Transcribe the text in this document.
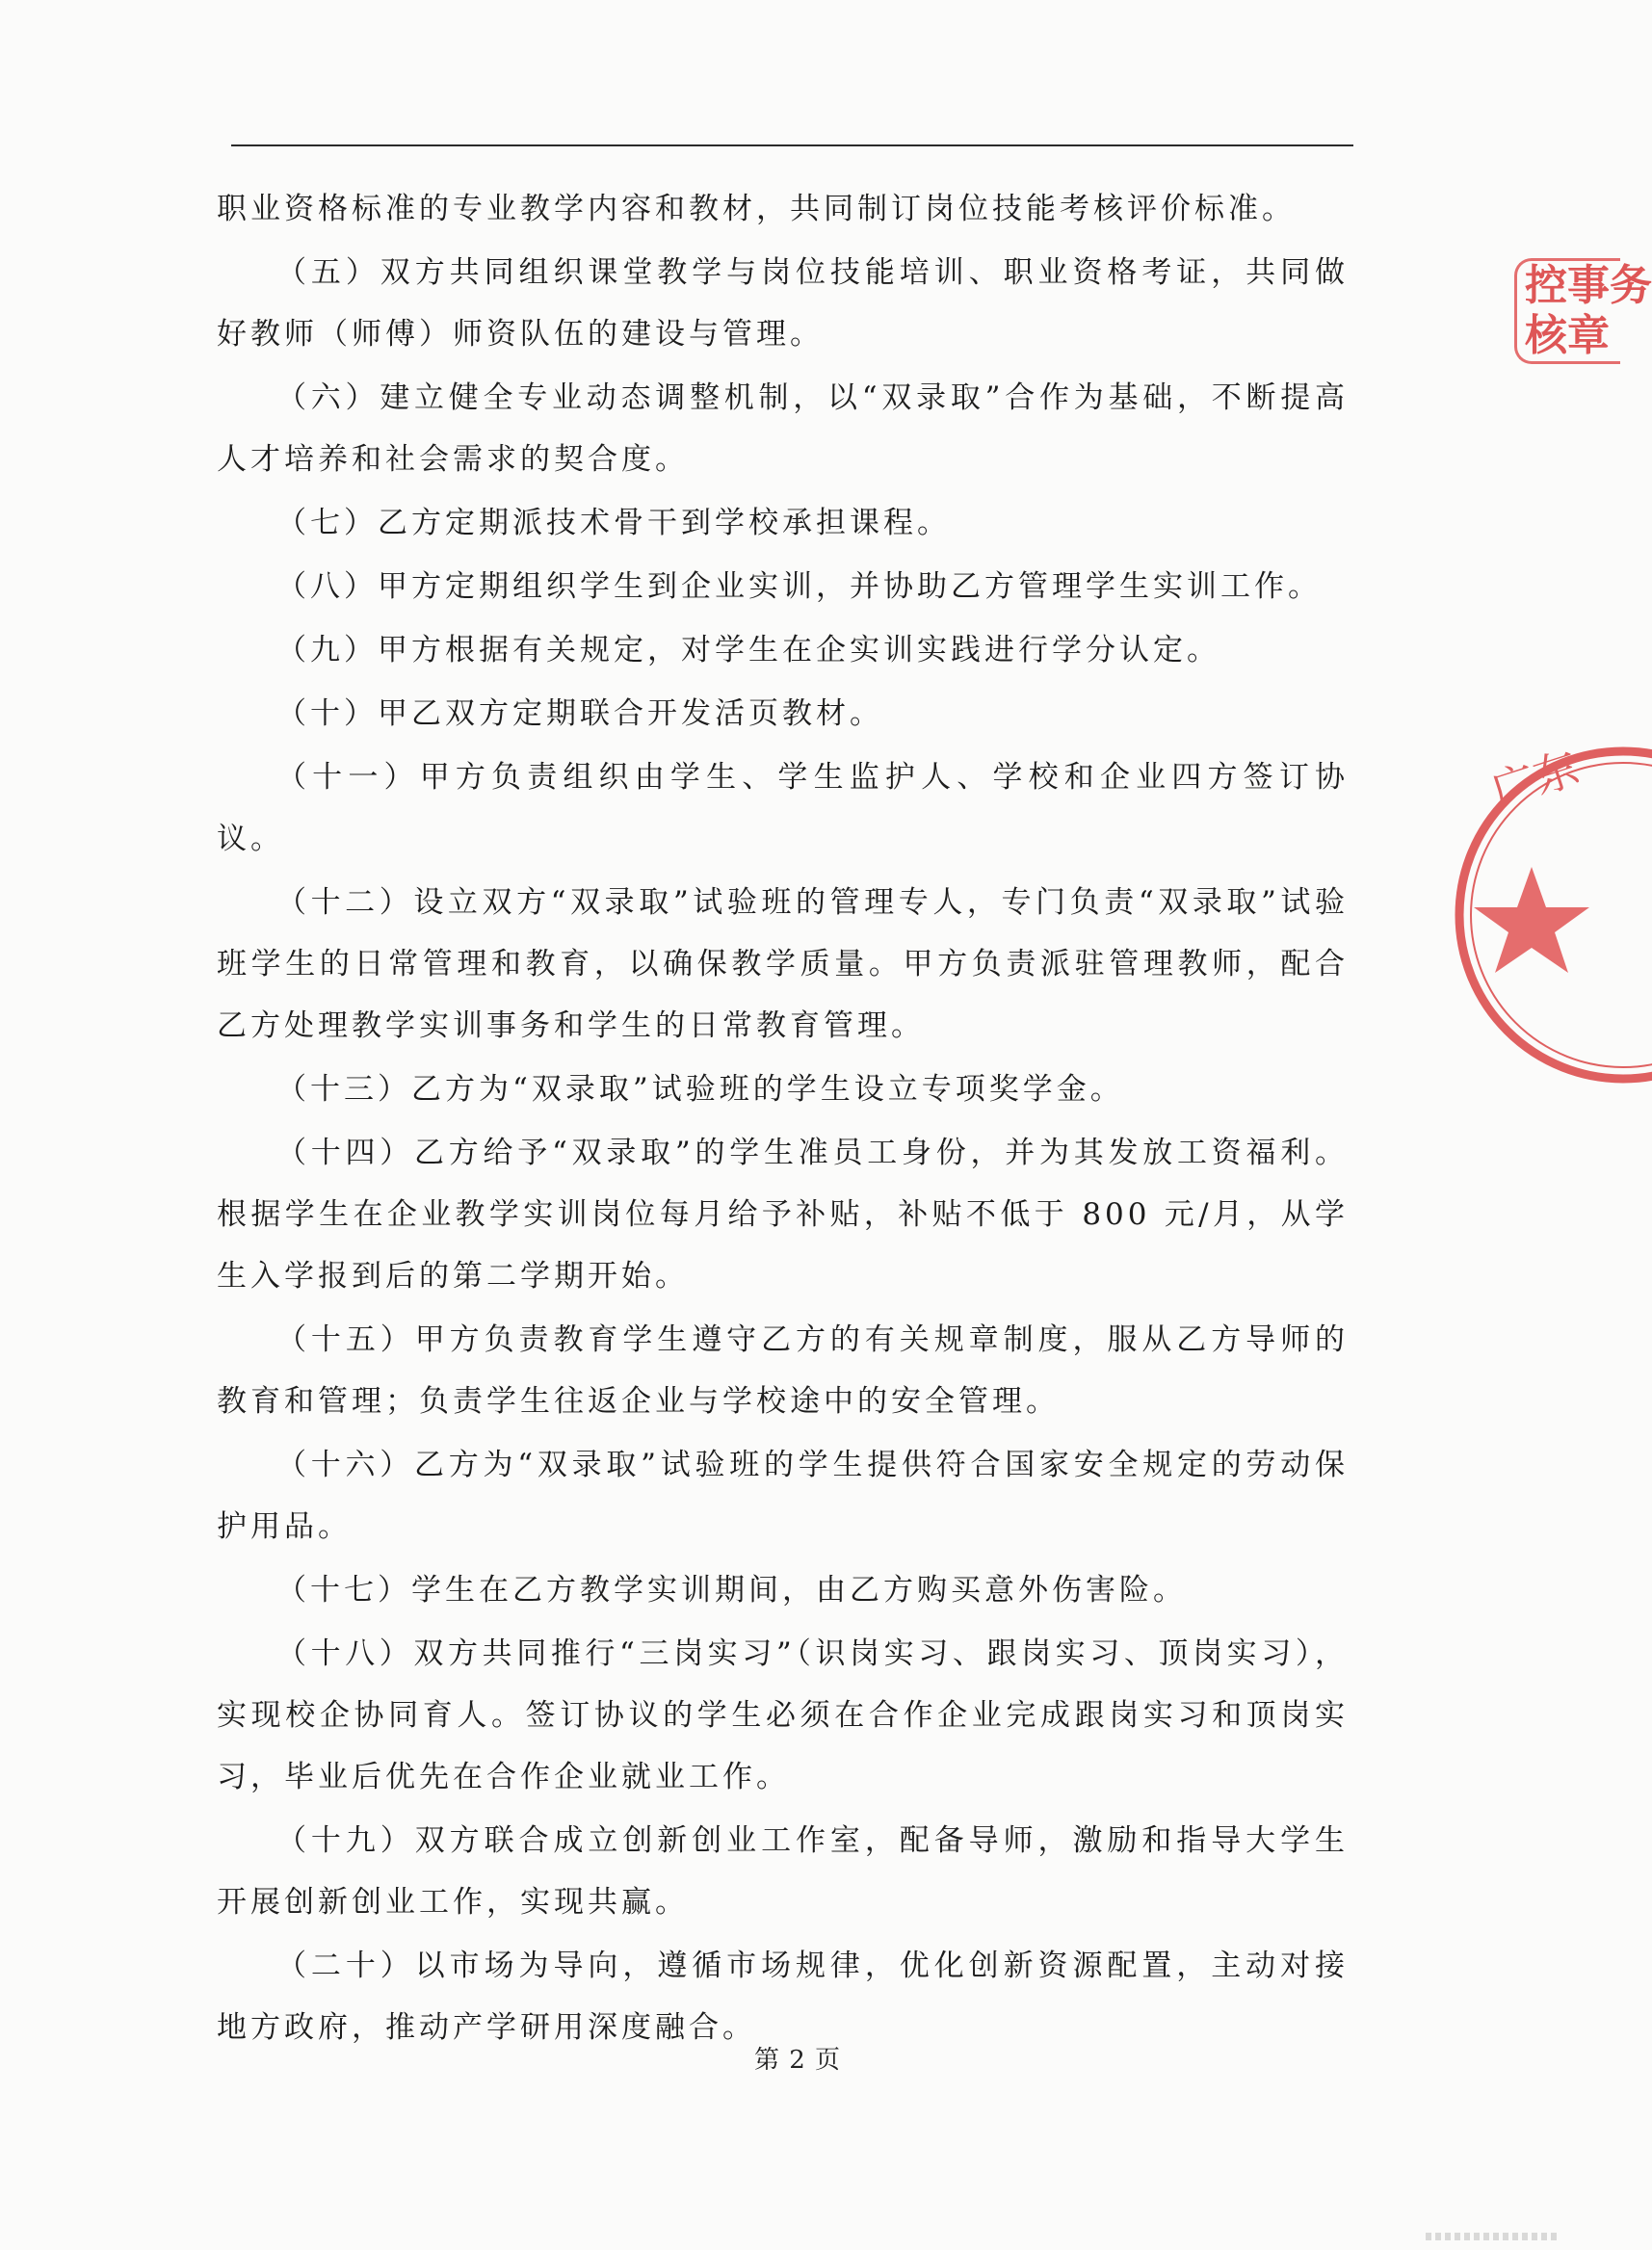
职业资格标准的专业教学内容和教材，共同制订岗位技能考核评价标准。

（五）双方共同组织课堂教学与岗位技能培训、职业资格考证，共同做好教师（师傅）师资队伍的建设与管理。

（六）建立健全专业动态调整机制，以“双录取”合作为基础，不断提高人才培养和社会需求的契合度。

（七）乙方定期派技术骨干到学校承担课程。

（八）甲方定期组织学生到企业实训，并协助乙方管理学生实训工作。

（九）甲方根据有关规定，对学生在企实训实践进行学分认定。

（十）甲乙双方定期联合开发活页教材。

（十一）甲方负责组织由学生、学生监护人、学校和企业四方签订协议。

（十二）设立双方“双录取”试验班的管理专人，专门负责“双录取”试验班学生的日常管理和教育，以确保教学质量。甲方负责派驻管理教师，配合乙方处理教学实训事务和学生的日常教育管理。

（十三）乙方为“双录取”试验班的学生设立专项奖学金。

（十四）乙方给予“双录取”的学生准员工身份，并为其发放工资福利。根据学生在企业教学实训岗位每月给予补贴，补贴不低于 800 元/月，从学生入学报到后的第二学期开始。

（十五）甲方负责教育学生遵守乙方的有关规章制度，服从乙方导师的教育和管理；负责学生往返企业与学校途中的安全管理。

（十六）乙方为“双录取”试验班的学生提供符合国家安全规定的劳动保护用品。

（十七）学生在乙方教学实训期间，由乙方购买意外伤害险。

（十八）双方共同推行“三岗实习”（识岗实习、跟岗实习、顶岗实习），实现校企协同育人。签订协议的学生必须在合作企业完成跟岗实习和顶岗实习，毕业后优先在合作企业就业工作。

（十九）双方联合成立创新创业工作室，配备导师，激励和指导大学生开展创新创业工作，实现共赢。

（二十）以市场为导向，遵循市场规律，优化创新资源配置，主动对接地方政府，推动产学研用深度融合。

第 2 页
控事务
核章
广东
